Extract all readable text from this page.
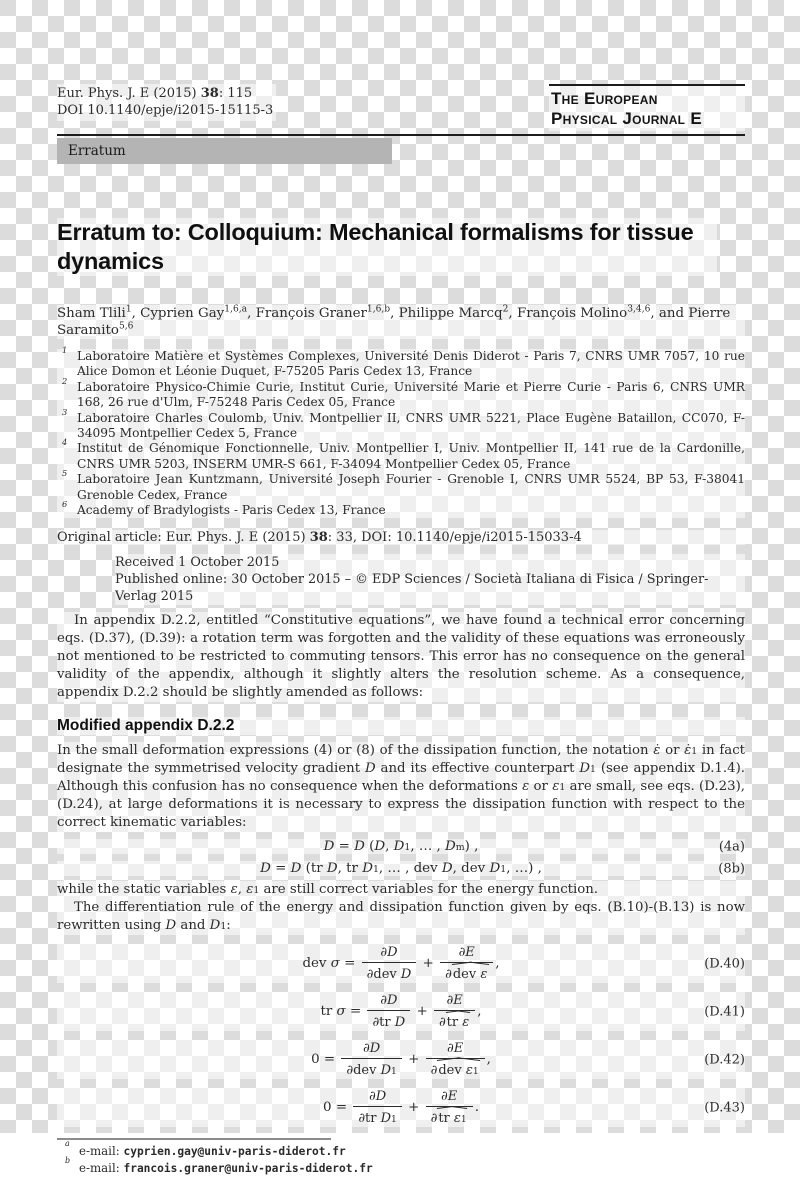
Eur. Phys. J. E (2015) 38: 115
DOI 10.1140/epje/i2015-15115-3
The European
Physical Journal E
Erratum
Erratum to: Colloquium: Mechanical formalisms for tissue dynamics
Sham Tlili$^1$, Cyprien Gay$^{1,6,a}$, François Graner$^{1,6,b}$, Philippe Marcq$^2$, François Molino$^{3,4,6}$, and Pierre Saramito$^{5,6}$
1 Laboratoire Matière et Systèmes Complexes, Université Denis Diderot - Paris 7, CNRS UMR 7057, 10 rue Alice Domon et Léonie Duquet, F-75205 Paris Cedex 13, France
2 Laboratoire Physico-Chimie Curie, Institut Curie, Université Marie et Pierre Curie - Paris 6, CNRS UMR 168, 26 rue d'Ulm, F-75248 Paris Cedex 05, France
3 Laboratoire Charles Coulomb, Univ. Montpellier II, CNRS UMR 5221, Place Eugène Bataillon, CC070, F-34095 Montpellier Cedex 5, France
4 Institut de Génomique Fonctionnelle, Univ. Montpellier I, Univ. Montpellier II, 141 rue de la Cardonille, CNRS UMR 5203, INSERM UMR-S 661, F-34094 Montpellier Cedex 05, France
5 Laboratoire Jean Kuntzmann, Université Joseph Fourier - Grenoble I, CNRS UMR 5524, BP 53, F-38041 Grenoble Cedex, France
6 Academy of Bradylogists - Paris Cedex 13, France

Original article: Eur. Phys. J. E (2015) 38: 33, DOI: 10.1140/epje/i2015-15033-4

Received 1 October 2015
Published online: 30 October 2015 – © EDP Sciences / Società Italiana di Fisica / Springer-Verlag 2015

In appendix D.2.2, entitled “Constitutive equations”, we have found a technical error concerning eqs. (D.37), (D.39): a rotation term was forgotten and the validity of these equations was erroneously not mentioned to be restricted to commuting tensors. This error has no consequence on the general validity of the appendix, although it slightly alters the resolution scheme. As a consequence, appendix D.2.2 should be slightly amended as follows:

Modified appendix D.2.2

In the small deformation expressions (4) or (8) of the dissipation function, the notation ε̇ or $\varepsiloṅ_1$ in fact designate the symmetrised velocity gradient D and its effective counterpart $D_1$ (see appendix D.1.4). Although this confusion has no consequence when the deformations ε or $\varepsilon_1$ are small, see eqs. (D.23), (D.24), at large deformations it is necessary to express the dissipation function with respect to the correct kinematic variables:

D = D (D, $D_1$, … , $D_m$) ,	(4a)
D = D (tr D, tr $D_1$, … , dev D, dev $D_1$, …) ,	(8b)

while the static variables ε, $\varepsilon_1$ are still correct variables for the energy function.

The differentiation rule of the energy and dissipation function given by eqs. (B.10)-(B.13) is now rewritten using D and $D_1$:

dev $\sigma = \frac{\partial D}{\text{∂dev D}} + \frac{\partial E}{\text{∂dev ε}}$ ,	(D.40)
tr $\sigma = \frac{\partial D}{\text{∂tr D}} + \frac{\partial E}{\text{∂tr ε}}$ ,	(D.41)
$0 = \frac{\partial D}{\partial dev D_1} + \frac{\partial E}{\partial dev \varepsilon_1}$ ,	(D.42)
$0 = \frac{\partial D}{\partial tr D_1} + \frac{\partial E}{\partial tr \varepsilon_1}$ .	(D.43)
a
e-mail: cyprien.gay@univ-paris-diderot.fr
b
e-mail: francois.graner@univ-paris-diderot.fr
